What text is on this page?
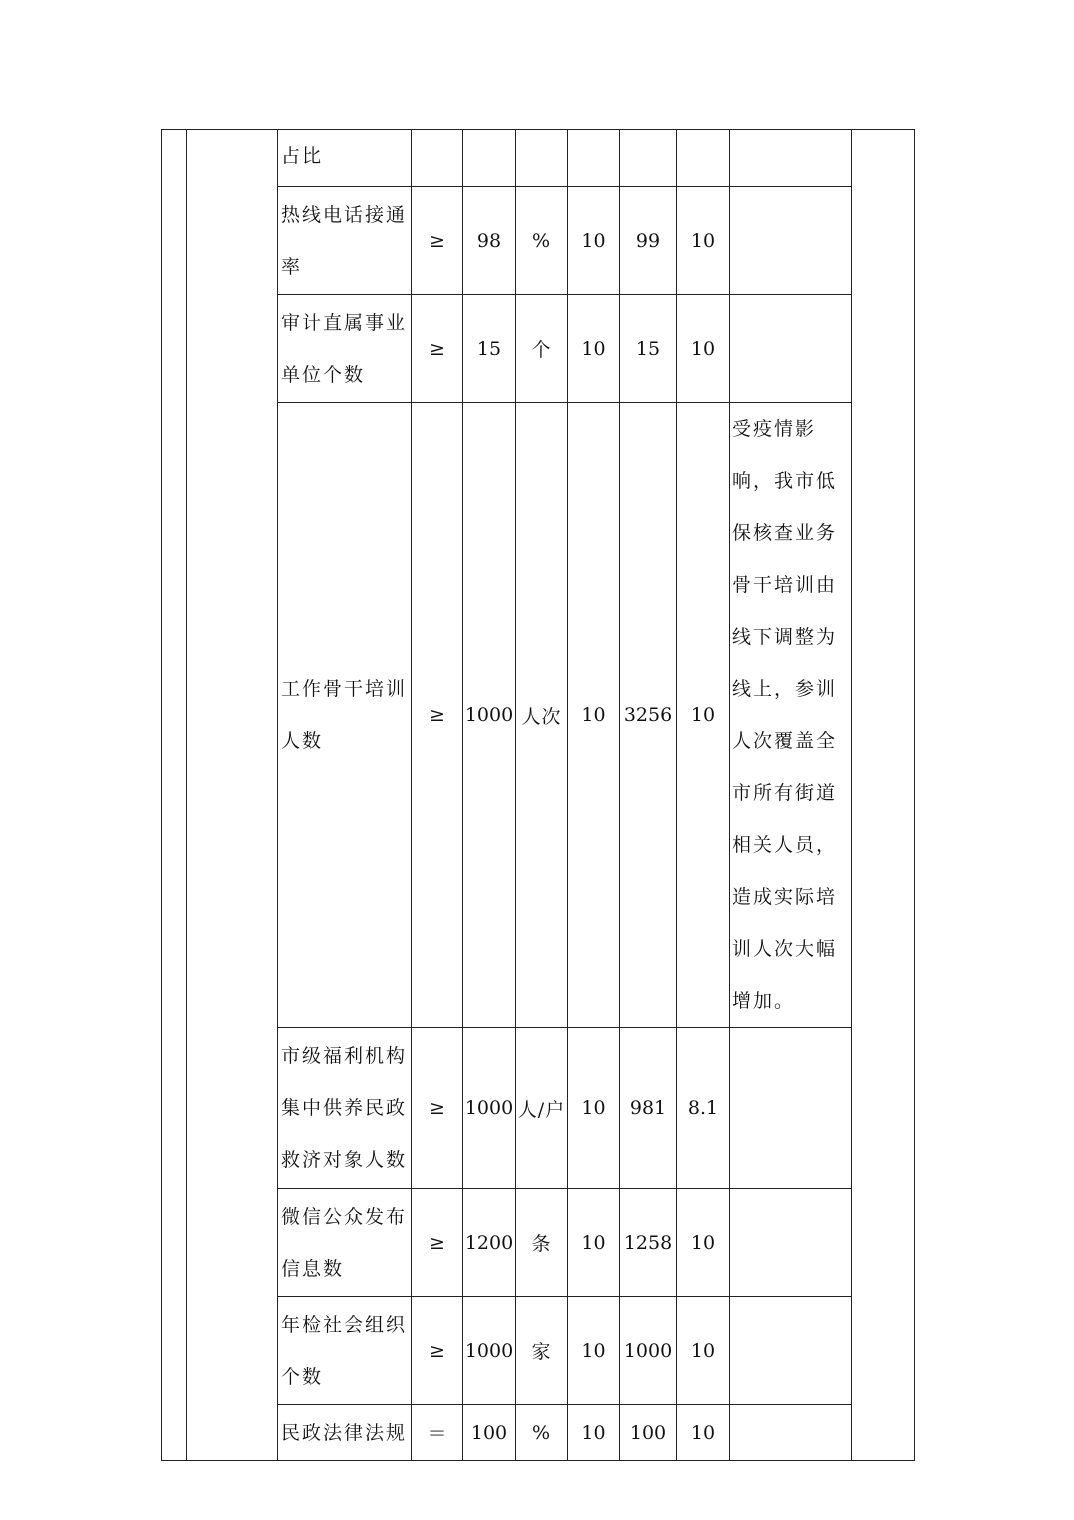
		占比								
		热线电话接通率	≥	98	%	10	99	10		
		审计直属事业单位个数	≥	15	个	10	15	10		
		工作骨干培训人数	≥	1000	人次	10	3256	10	受疫情影响，我市低保核查业务骨干培训由线下调整为线上，参训人次覆盖全市所有街道相关人员，造成实际培训人次大幅增加。	
		市级福利机构集中供养民政救济对象人数	≥	1000	人/户	10	981	8.1		
		微信公众发布信息数	≥	1200	条	10	1258	10		
		年检社会组织个数	≥	1000	家	10	1000	10		
		民政法律法规	＝	100	%	10	100	10		
